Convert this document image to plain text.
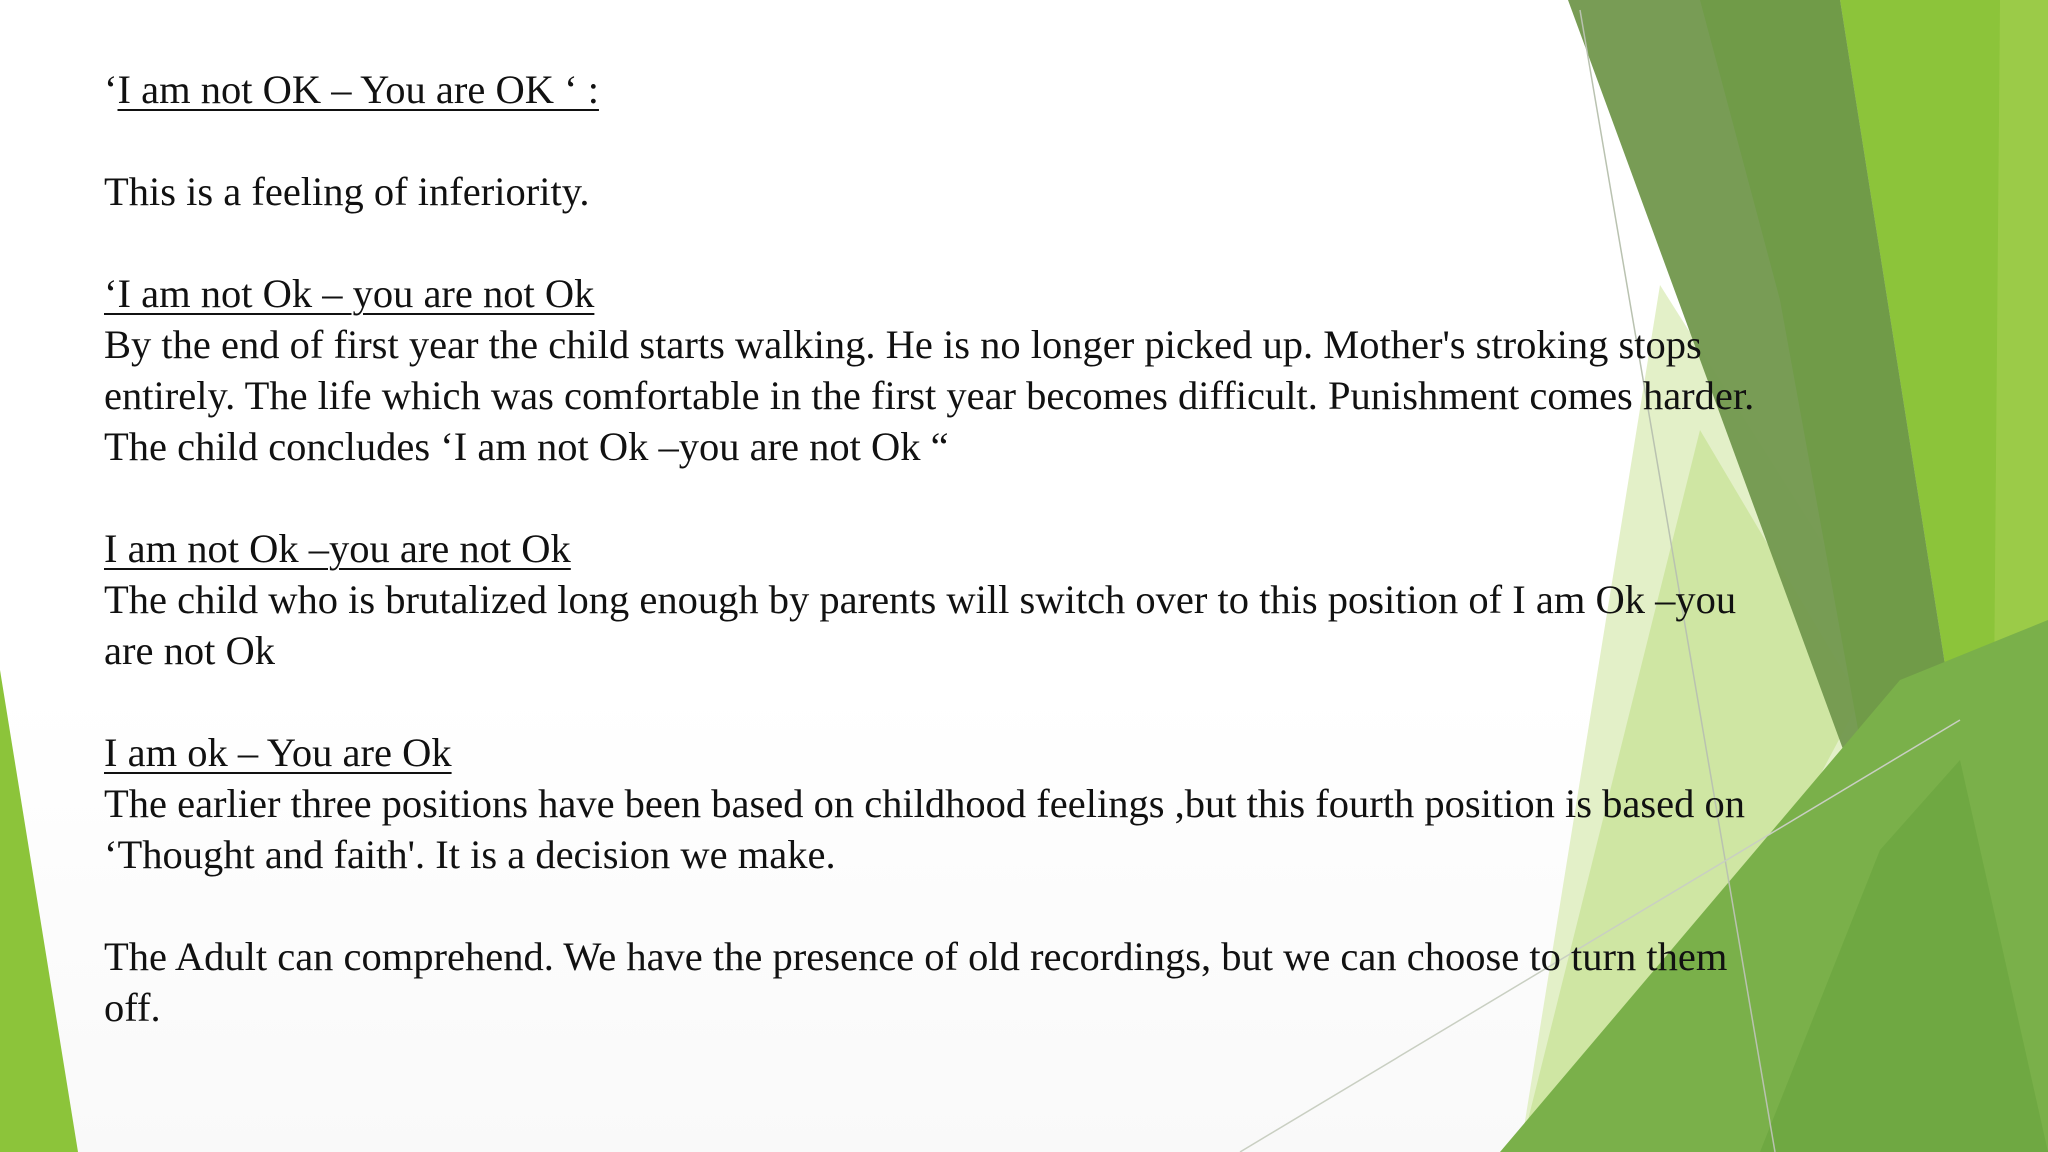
‘I am not OK – You are OK ‘ :

This is a feeling of inferiority.

‘I am not Ok – you are not Ok
By the end of first year the child starts walking. He is no longer picked up. Mother's stroking stops
entirely. The life which was comfortable in the first year becomes difficult. Punishment comes harder.
The child concludes ‘I am not Ok –you are not Ok “

I am not Ok –you are not Ok
The child who is brutalized long enough by parents will switch over to this position of I am Ok –you
are not Ok

I am ok – You are Ok
The earlier three positions have been based on childhood feelings ,but this fourth position is based on
‘Thought and faith'. It is a decision we make.

The Adult can comprehend. We have the presence of old recordings, but we can choose to turn them
off.
